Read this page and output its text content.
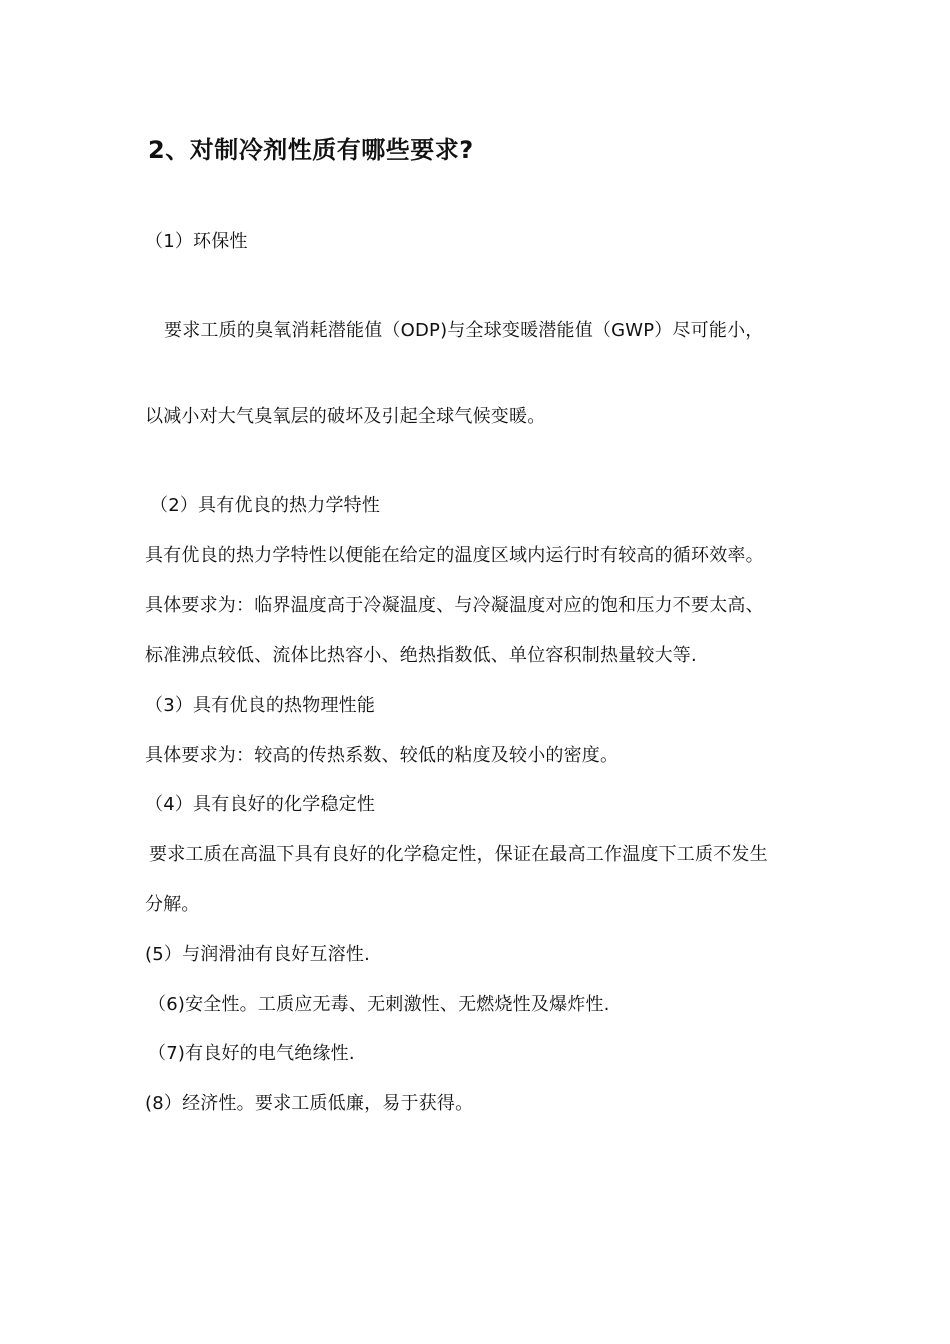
2、对制冷剂性质有哪些要求?
（1）环保性
要求工质的臭氧消耗潜能值（ODP)与全球变暖潜能值（GWP）尽可能小，
以减小对大气臭氧层的破坏及引起全球气候变暖。
（2）具有优良的热力学特性
具有优良的热力学特性以便能在给定的温度区域内运行时有较高的循环效率。
具体要求为：临界温度高于冷凝温度、与冷凝温度对应的饱和压力不要太高、
标准沸点较低、流体比热容小、绝热指数低、单位容积制热量较大等.
（3）具有优良的热物理性能
具体要求为：较高的传热系数、较低的粘度及较小的密度。
（4）具有良好的化学稳定性
要求工质在高温下具有良好的化学稳定性，保证在最高工作温度下工质不发生
分解。
(5）与润滑油有良好互溶性.
（6)安全性。工质应无毒、无刺激性、无燃烧性及爆炸性.
（7)有良好的电气绝缘性.
(8）经济性。要求工质低廉，易于获得。
